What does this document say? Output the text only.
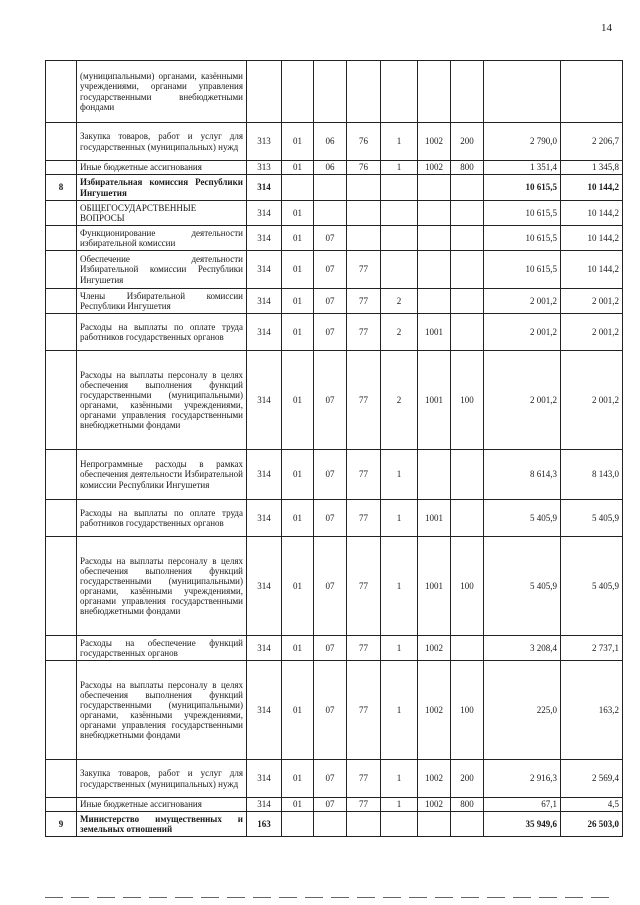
14
	(муниципальными) органами, казёнными учреждениями, органами управления государственными внебюджетными фондами									
	Закупка товаров, работ и услуг для государственных (муниципальных) нужд	313	01	06	76	1	1002	200	2 790,0	2 206,7
	Иные бюджетные ассигнования	313	01	06	76	1	1002	800	1 351,4	1 345,8
8	Избирательная комиссия Республики Ингушетия	314							10 615,5	10 144,2
	ОБЩЕГОСУДАРСТВЕННЫЕ ВОПРОСЫ	314	01						10 615,5	10 144,2
	Функционирование деятельности избирательной комиссии	314	01	07					10 615,5	10 144,2
	Обеспечение деятельности Избирательной комиссии Республики Ингушетия	314	01	07	77				10 615,5	10 144,2
	Члены Избирательной комиссии Республики Ингушетия	314	01	07	77	2			2 001,2	2 001,2
	Расходы на выплаты по оплате труда работников государственных органов	314	01	07	77	2	1001		2 001,2	2 001,2
	Расходы на выплаты персоналу в целях обеспечения выполнения функций государственными (муниципальными) органами, казёнными учреждениями, органами управления государственными внебюджетными фондами	314	01	07	77	2	1001	100	2 001,2	2 001,2
	Непрограммные расходы в рамках обеспечения деятельности Избирательной комиссии Республики Ингушетия	314	01	07	77	1			8 614,3	8 143,0
	Расходы на выплаты по оплате труда работников государственных органов	314	01	07	77	1	1001		5 405,9	5 405,9
	Расходы на выплаты персоналу в целях обеспечения выполнения функций государственными (муниципальными) органами, казёнными учреждениями, органами управления государственными внебюджетными фондами	314	01	07	77	1	1001	100	5 405,9	5 405,9
	Расходы на обеспечение функций государственных органов	314	01	07	77	1	1002		3 208,4	2 737,1
	Расходы на выплаты персоналу в целях обеспечения выполнения функций государственными (муниципальными) органами, казёнными учреждениями, органами управления государственными внебюджетными фондами	314	01	07	77	1	1002	100	225,0	163,2
	Закупка товаров, работ и услуг для государственных (муниципальных) нужд	314	01	07	77	1	1002	200	2 916,3	2 569,4
	Иные бюджетные ассигнования	314	01	07	77	1	1002	800	67,1	4,5
9	Министерство имущественных и земельных отношений	163							35 949,6	26 503,0
